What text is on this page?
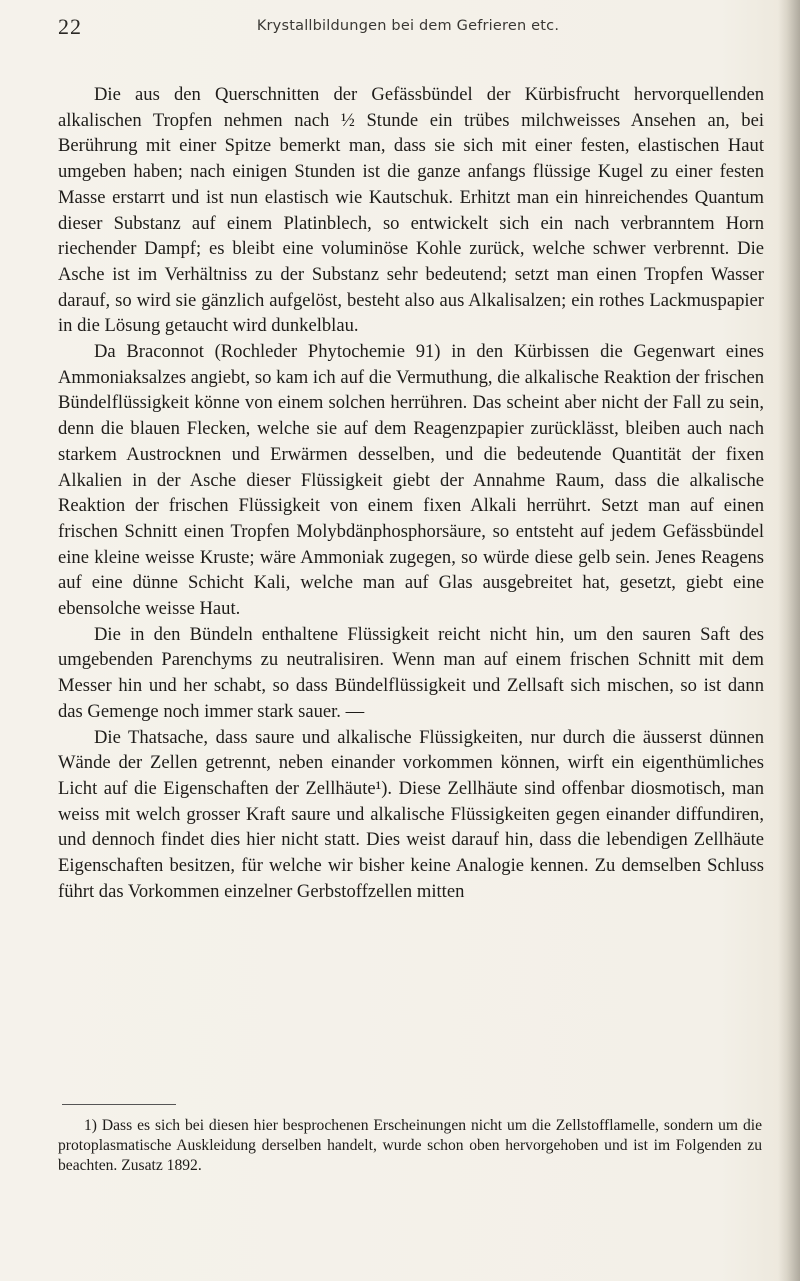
22	Krystallbildungen bei dem Gefrieren etc.

Die aus den Querschnitten der Gefässbündel der Kürbisfrucht hervorquellenden alkalischen Tropfen nehmen nach ½ Stunde ein trübes milchweisses Ansehen an, bei Berührung mit einer Spitze bemerkt man, dass sie sich mit einer festen, elastischen Haut umgeben haben; nach einigen Stunden ist die ganze anfangs flüssige Kugel zu einer festen Masse erstarrt und ist nun elastisch wie Kautschuk. Erhitzt man ein hinreichendes Quantum dieser Substanz auf einem Platinblech, so entwickelt sich ein nach verbranntem Horn riechender Dampf; es bleibt eine voluminöse Kohle zurück, welche schwer verbrennt. Die Asche ist im Verhältniss zu der Substanz sehr bedeutend; setzt man einen Tropfen Wasser darauf, so wird sie gänzlich aufgelöst, besteht also aus Alkalisalzen; ein rothes Lackmuspapier in die Lösung getaucht wird dunkelblau.

Da Braconnot (Rochleder Phytochemie 91) in den Kürbissen die Gegenwart eines Ammoniaksalzes angiebt, so kam ich auf die Vermuthung, die alkalische Reaktion der frischen Bündelflüssigkeit könne von einem solchen herrühren. Das scheint aber nicht der Fall zu sein, denn die blauen Flecken, welche sie auf dem Reagenzpapier zurücklässt, bleiben auch nach starkem Austrocknen und Erwärmen desselben, und die bedeutende Quantität der fixen Alkalien in der Asche dieser Flüssigkeit giebt der Annahme Raum, dass die alkalische Reaktion der frischen Flüssigkeit von einem fixen Alkali herrührt. Setzt man auf einen frischen Schnitt einen Tropfen Molybdänphosphorsäure, so entsteht auf jedem Gefässbündel eine kleine weisse Kruste; wäre Ammoniak zugegen, so würde diese gelb sein. Jenes Reagens auf eine dünne Schicht Kali, welche man auf Glas ausgebreitet hat, gesetzt, giebt eine ebensolche weisse Haut.

Die in den Bündeln enthaltene Flüssigkeit reicht nicht hin, um den sauren Saft des umgebenden Parenchyms zu neutralisiren. Wenn man auf einem frischen Schnitt mit dem Messer hin und her schabt, so dass Bündelflüssigkeit und Zellsaft sich mischen, so ist dann das Gemenge noch immer stark sauer. —

Die Thatsache, dass saure und alkalische Flüssigkeiten, nur durch die äusserst dünnen Wände der Zellen getrennt, neben einander vorkommen können, wirft ein eigenthümliches Licht auf die Eigenschaften der Zellhäute¹). Diese Zellhäute sind offenbar diosmotisch, man weiss mit welch grosser Kraft saure und alkalische Flüssigkeiten gegen einander diffundiren, und dennoch findet dies hier nicht statt. Dies weist darauf hin, dass die lebendigen Zellhäute Eigenschaften besitzen, für welche wir bisher keine Analogie kennen. Zu demselben Schluss führt das Vorkommen einzelner Gerbstoffzellen mitten

1) Dass es sich bei diesen hier besprochenen Erscheinungen nicht um die Zellstofflamelle, sondern um die protoplasmatische Auskleidung derselben handelt, wurde schon oben hervorgehoben und ist im Folgenden zu beachten. Zusatz 1892.
